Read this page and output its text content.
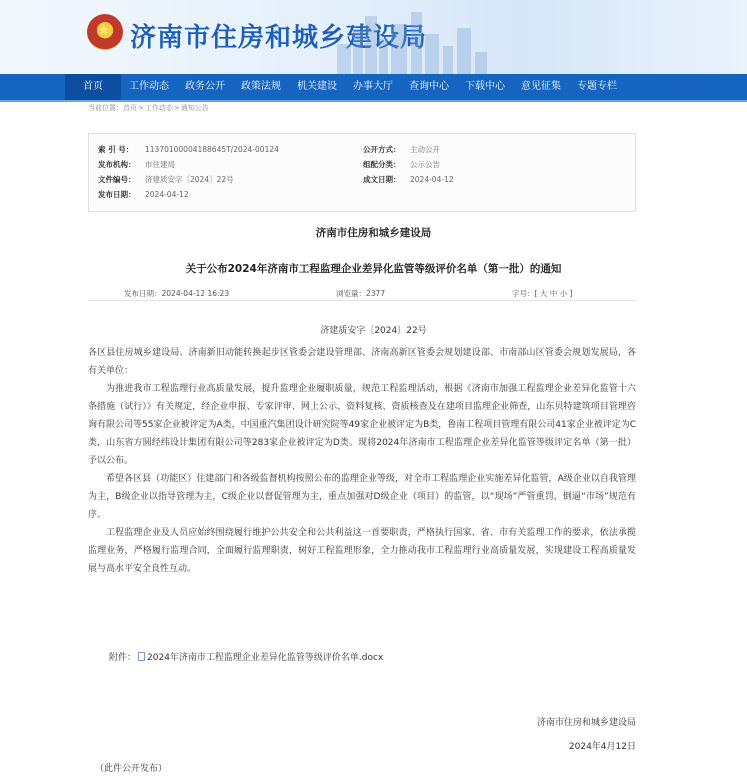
★
济南市住房和城乡建设局
首页	工作动态	政务公开	政策法规	机关建设	办事大厅	查询中心	下载中心	意见征集	专题专栏
当前位置：首页>工作动态>通知公告
索 引 号： 11370100004188645T/2024-00124
发布机构： 市住建局
文件编号： 济建质安字〔2024〕22号
发布日期： 2024-04-12
公开方式： 主动公开
组配分类： 公示公告
成文日期： 2024-04-12
济南市住房和城乡建设局
关于公布2024年济南市工程监理企业差异化监管等级评价名单（第一批）的通知
发布日期：2024-04-12 16:23	浏览量：2377	字号：[ 大 中 小 ]
济建质安字〔2024〕22号

各区县住房城乡建设局、济南新旧动能转换起步区管委会建设管理部、济南高新区管委会规划建设部、市南部山区管委会规划发展局，各有关单位：

为推进我市工程监理行业高质量发展，提升监理企业履职质量，规范工程监理活动，根据《济南市加强工程监理企业差异化监管十六条措施（试行）》有关规定，经企业申报、专家评审、网上公示、资料复核、资质核查及在建项目监理企业筛查，山东贝特建筑项目管理咨询有限公司等55家企业被评定为A类，中国重汽集团设计研究院等49家企业被评定为B类，鲁南工程项目管理有限公司41家企业被评定为C类，山东省方圆经纬设计集团有限公司等283家企业被评定为D类。现将2024年济南市工程监理企业差异化监管等级评定名单（第一批）予以公布。

希望各区县（功能区）住建部门和各级监督机构按照公布的监理企业等级，对全市工程监理企业实施差异化监管，A级企业以自我管理为主，B级企业以指导管理为主，C级企业以督促管理为主，重点加强对D级企业（项目）的监管，以“现场”严管重罚，倒逼“市场”规范有序。

工程监理企业及人员应始终围绕履行维护公共安全和公共利益这一首要职责，严格执行国家、省、市有关监理工作的要求，依法承揽监理业务，严格履行监理合同，全面履行监理职责，树好工程监理形象，全力推动我市工程监理行业高质量发展，实现建设工程高质量发展与高水平安全良性互动。

附件： 2024年济南市工程监理企业差异化监管等级评价名单.docx
济南市住房和城乡建设局
2024年4月12日
（此件公开发布）
